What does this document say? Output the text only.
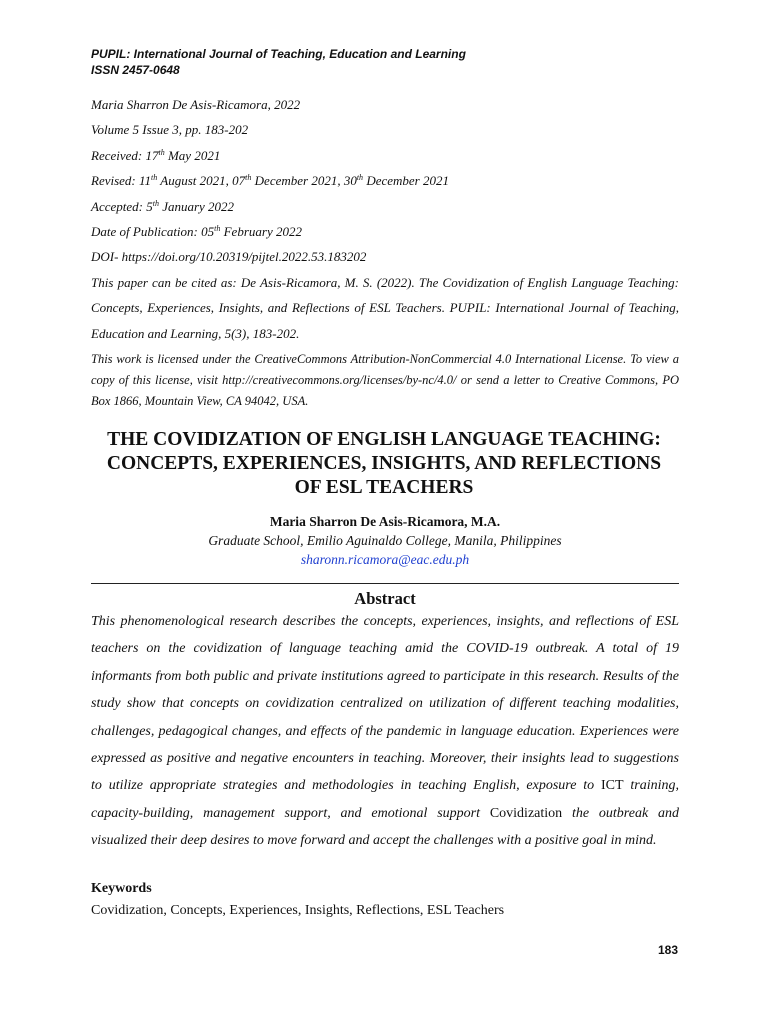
PUPIL: International Journal of Teaching, Education and Learning
ISSN 2457-0648
Maria Sharron De Asis-Ricamora, 2022
Volume 5 Issue 3, pp. 183-202
Received: 17th May 2021
Revised: 11th August 2021, 07th December 2021, 30th December 2021
Accepted: 5th January 2022
Date of Publication: 05th February 2022
DOI- https://doi.org/10.20319/pijtel.2022.53.183202
This paper can be cited as: De Asis-Ricamora, M. S. (2022). The Covidization of English Language Teaching: Concepts, Experiences, Insights, and Reflections of ESL Teachers. PUPIL: International Journal of Teaching, Education and Learning, 5(3), 183-202.
This work is licensed under the CreativeCommons Attribution-NonCommercial 4.0 International License. To view a copy of this license, visit http://creativecommons.org/licenses/by-nc/4.0/ or send a letter to Creative Commons, PO Box 1866, Mountain View, CA 94042, USA.
THE COVIDIZATION OF ENGLISH LANGUAGE TEACHING:
CONCEPTS, EXPERIENCES, INSIGHTS, AND REFLECTIONS
OF ESL TEACHERS
Maria Sharron De Asis-Ricamora, M.A.
Graduate School, Emilio Aguinaldo College, Manila, Philippines
sharonn.ricamora@eac.edu.ph
Abstract
This phenomenological research describes the concepts, experiences, insights, and reflections of ESL teachers on the covidization of language teaching amid the COVID-19 outbreak. A total of 19 informants from both public and private institutions agreed to participate in this research. Results of the study show that concepts on covidization centralized on utilization of different teaching modalities, challenges, pedagogical changes, and effects of the pandemic in language education. Experiences were expressed as positive and negative encounters in teaching. Moreover, their insights lead to suggestions to utilize appropriate strategies and methodologies in teaching English, exposure to ICT training, capacity-building, management support, and emotional support Covidization the outbreak and visualized their deep desires to move forward and accept the challenges with a positive goal in mind.
Keywords
Covidization, Concepts, Experiences, Insights, Reflections, ESL Teachers
183
